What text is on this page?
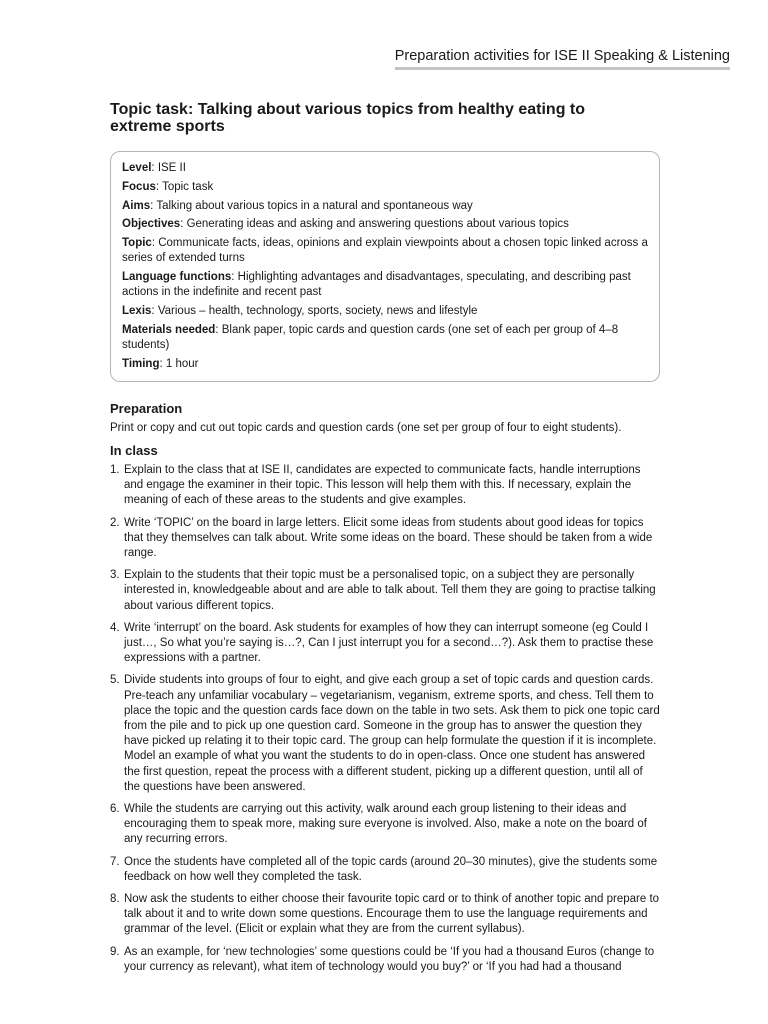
Preparation activities for ISE II Speaking & Listening
Topic task: Talking about various topics from healthy eating to extreme sports
Level: ISE II
Focus: Topic task
Aims: Talking about various topics in a natural and spontaneous way
Objectives: Generating ideas and asking and answering questions about various topics
Topic: Communicate facts, ideas, opinions and explain viewpoints about a chosen topic linked across a series of extended turns
Language functions: Highlighting advantages and disadvantages, speculating, and describing past actions in the indefinite and recent past
Lexis: Various – health, technology, sports, society, news and lifestyle
Materials needed: Blank paper, topic cards and question cards (one set of each per group of 4–8 students)
Timing: 1 hour
Preparation
Print or copy and cut out topic cards and question cards (one set per group of four to eight students).
In class
1. Explain to the class that at ISE II, candidates are expected to communicate facts, handle interruptions and engage the examiner in their topic. This lesson will help them with this. If necessary, explain the meaning of each of these areas to the students and give examples.
2. Write ‘TOPIC’ on the board in large letters. Elicit some ideas from students about good ideas for topics that they themselves can talk about. Write some ideas on the board. These should be taken from a wide range.
3. Explain to the students that their topic must be a personalised topic, on a subject they are personally interested in, knowledgeable about and are able to talk about. Tell them they are going to practise talking about various different topics.
4. Write ‘interrupt’ on the board. Ask students for examples of how they can interrupt someone (eg Could I just…, So what you’re saying is…?, Can I just interrupt you for a second…?). Ask them to practise these expressions with a partner.
5. Divide students into groups of four to eight, and give each group a set of topic cards and question cards. Pre-teach any unfamiliar vocabulary – vegetarianism, veganism, extreme sports, and chess. Tell them to place the topic and the question cards face down on the table in two sets. Ask them to pick one topic card from the pile and to pick up one question card. Someone in the group has to answer the question they have picked up relating it to their topic card. The group can help formulate the question if it is incomplete. Model an example of what you want the students to do in open-class. Once one student has answered the first question, repeat the process with a different student, picking up a different question, until all of the questions have been answered.
6. While the students are carrying out this activity, walk around each group listening to their ideas and encouraging them to speak more, making sure everyone is involved. Also, make a note on the board of any recurring errors.
7. Once the students have completed all of the topic cards (around 20–30 minutes), give the students some feedback on how well they completed the task.
8. Now ask the students to either choose their favourite topic card or to think of another topic and prepare to talk about it and to write down some questions. Encourage them to use the language requirements and grammar of the level. (Elicit or explain what they are from the current syllabus).
9. As an example, for ‘new technologies’ some questions could be ‘If you had a thousand Euros (change to your currency as relevant), what item of technology would you buy?’ or ‘If you had had a thousand
